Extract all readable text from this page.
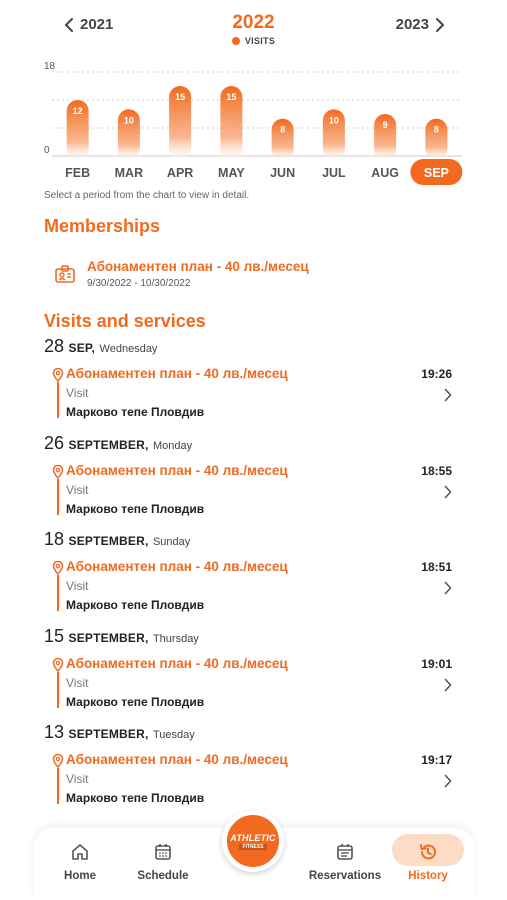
2021	2022
VISITS
2023
18
0
12
FEB
10
MAR
15
APR
15
MAY
8
JUN
10
JUL
9
AUG
8
SEP
Select a period from the chart to view in detail.
Memberships
Абонаментен план - 40 лв./месец
9/30/2022 - 10/30/2022
Visits and services
28 SEP, Wednesday
Абонаментен план - 40 лв./месец
Visit
Марково тепе Пловдив
19:26
26 SEPTEMBER, Monday
Абонаментен план - 40 лв./месец
Visit
Марково тепе Пловдив
18:55
18 SEPTEMBER, Sunday
Абонаментен план - 40 лв./месец
Visit
Марково тепе Пловдив
18:51
15 SEPTEMBER, Thursday
Абонаментен план - 40 лв./месец
Visit
Марково тепе Пловдив
19:01
13 SEPTEMBER, Tuesday
Абонаментен план - 40 лв./месец
Visit
Марково тепе Пловдив
19:17
Home	Schedule	Reservations	History
ATHLETIC
FITNESS
